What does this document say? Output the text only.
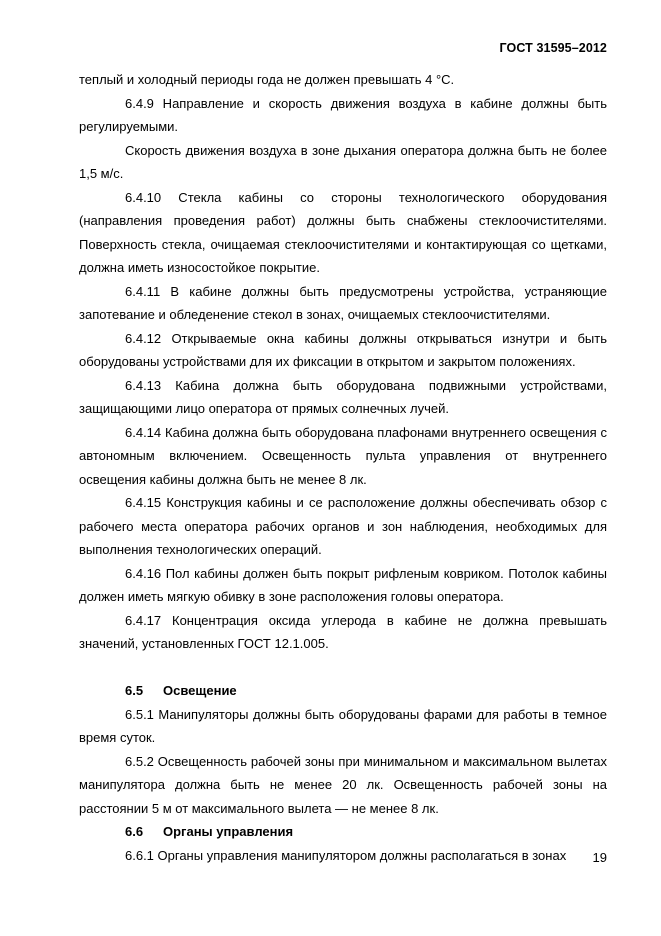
ГОСТ 31595–2012

теплый и холодный периоды года не должен превышать 4 °С.

6.4.9 Направление и скорость движения воздуха в кабине должны быть регулируемыми.

Скорость движения воздуха в зоне дыхания оператора должна быть не более 1,5 м/с.

6.4.10 Стекла кабины со стороны технологического оборудования (направления проведения работ) должны быть снабжены стеклоочистителями. Поверхность стекла, очищаемая стеклоочистителями и контактирующая со щетками, должна иметь износостойкое покрытие.

6.4.11 В кабине должны быть предусмотрены устройства, устраняющие запотевание и обледенение стекол в зонах, очищаемых стеклоочистителями.

6.4.12 Открываемые окна кабины должны открываться изнутри и быть оборудованы устройствами для их фиксации в открытом и закрытом положениях.

6.4.13 Кабина должна быть оборудована подвижными устройствами, защищающими лицо оператора от прямых солнечных лучей.

6.4.14 Кабина должна быть оборудована плафонами внутреннего освещения с автономным включением. Освещенность пульта управления от внутреннего освещения кабины должна быть не менее 8 лк.

6.4.15 Конструкция кабины и се расположение должны обеспечивать обзор с рабочего места оператора рабочих органов и зон наблюдения, необходимых для выполнения технологических операций.

6.4.16 Пол кабины должен быть покрыт рифленым ковриком. Потолок кабины должен иметь мягкую обивку в зоне расположения головы оператора.

6.4.17 Концентрация оксида углерода в кабине не должна превышать значений, установленных ГОСТ 12.1.005.

6.5 Освещение

6.5.1 Манипуляторы должны быть оборудованы фарами для работы в темное время суток.

6.5.2 Освещенность рабочей зоны при минимальном и максимальном вылетах манипулятора должна быть не менее 20 лк. Освещенность рабочей зоны на расстоянии 5 м от максимального вылета — не менее 8 лк.

6.6 Органы управления

6.6.1 Органы управления манипулятором должны располагаться в зонах	19
